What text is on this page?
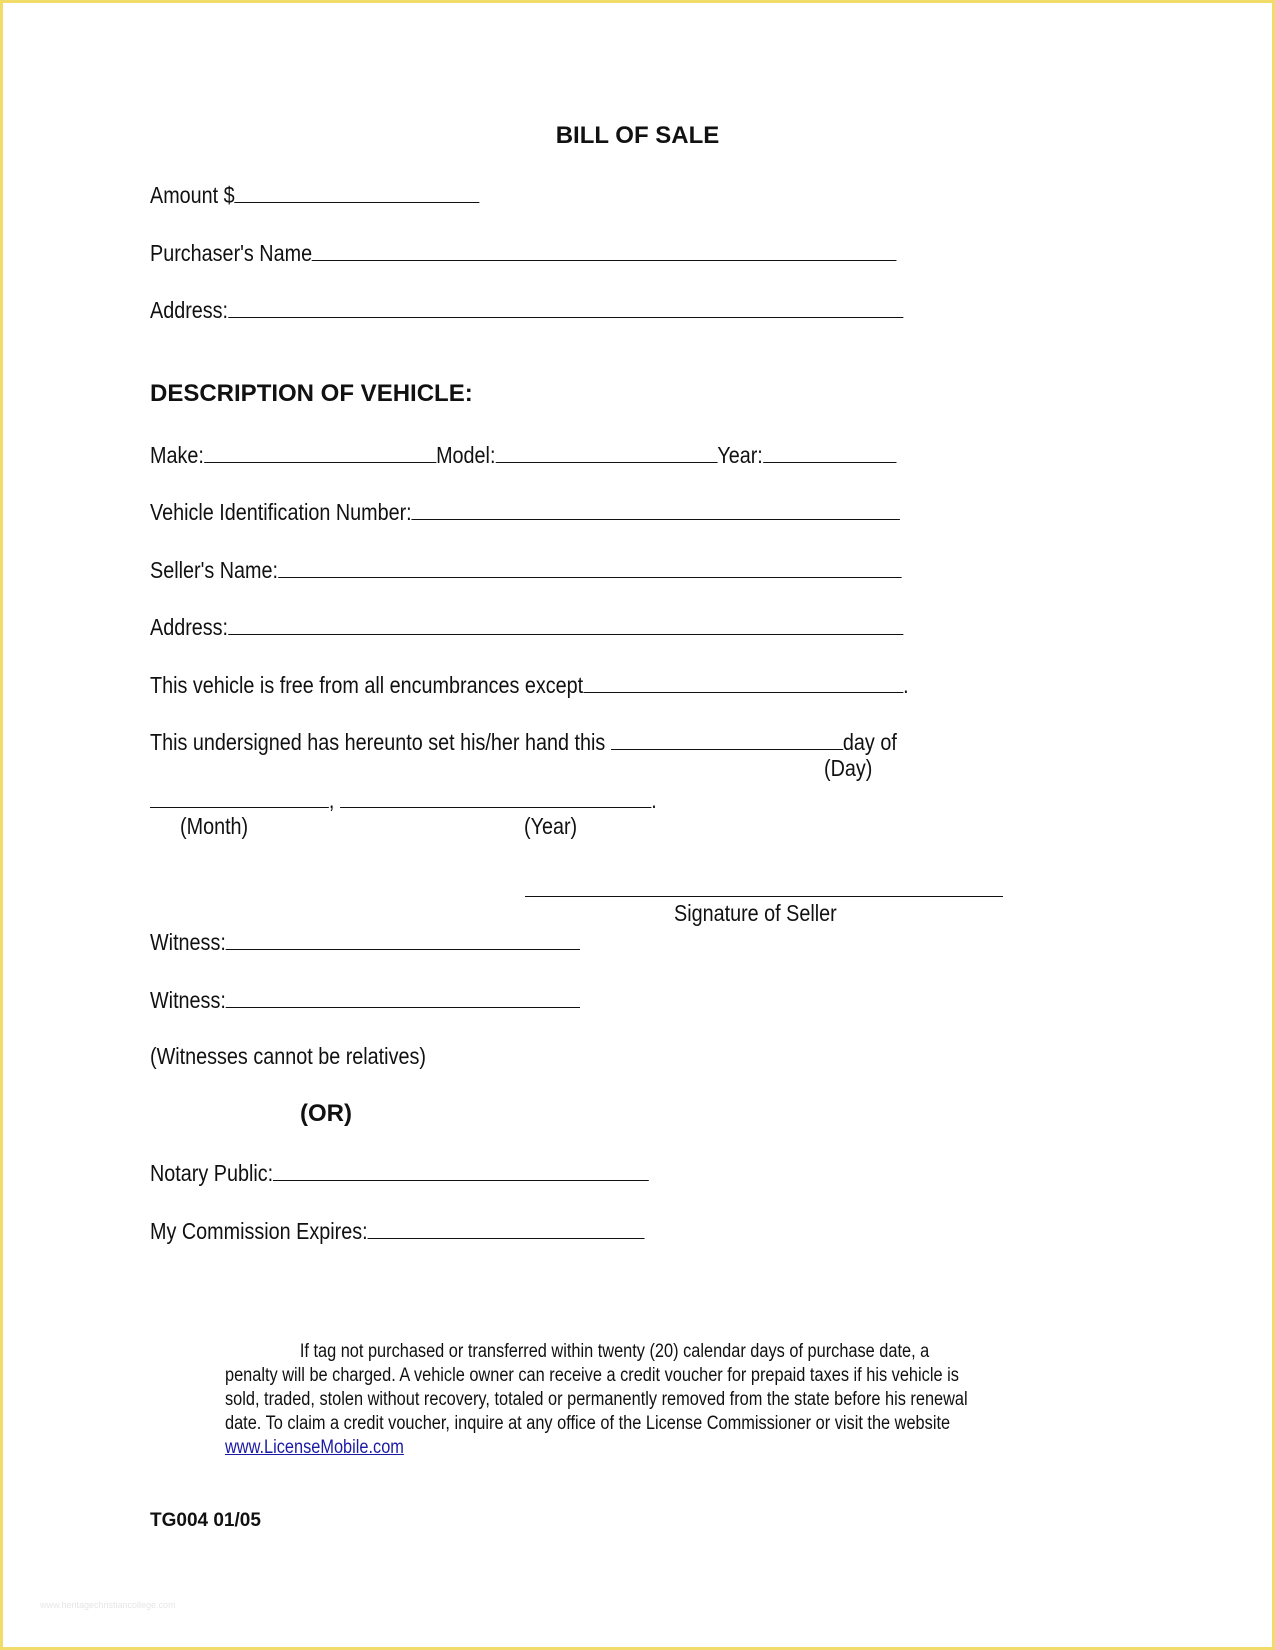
BILL OF SALE
Amount $
Purchaser's Name
Address:
DESCRIPTION OF VEHICLE:
Make:	Model:	Year:
Vehicle Identification Number:
Seller's Name:
Address:
This vehicle is free from all encumbrances except	.
This undersigned has hereunto set his/her hand this	day of
(Day)
,	.
(Month)	(Year)
Signature of Seller
Witness:
Witness:
(Witnesses cannot be relatives)
(OR)
Notary Public:
My Commission Expires:

If tag not purchased or transferred within twenty (20) calendar days of purchase date, a penalty will be charged. A vehicle owner can receive a credit voucher for prepaid taxes if his vehicle is sold, traded, stolen without recovery, totaled or permanently removed from the state before his renewal date. To claim a credit voucher, inquire at any office of the License Commissioner or visit the website

www.LicenseMobile.com

TG004 01/05
www.heritagechristiancollege.com
